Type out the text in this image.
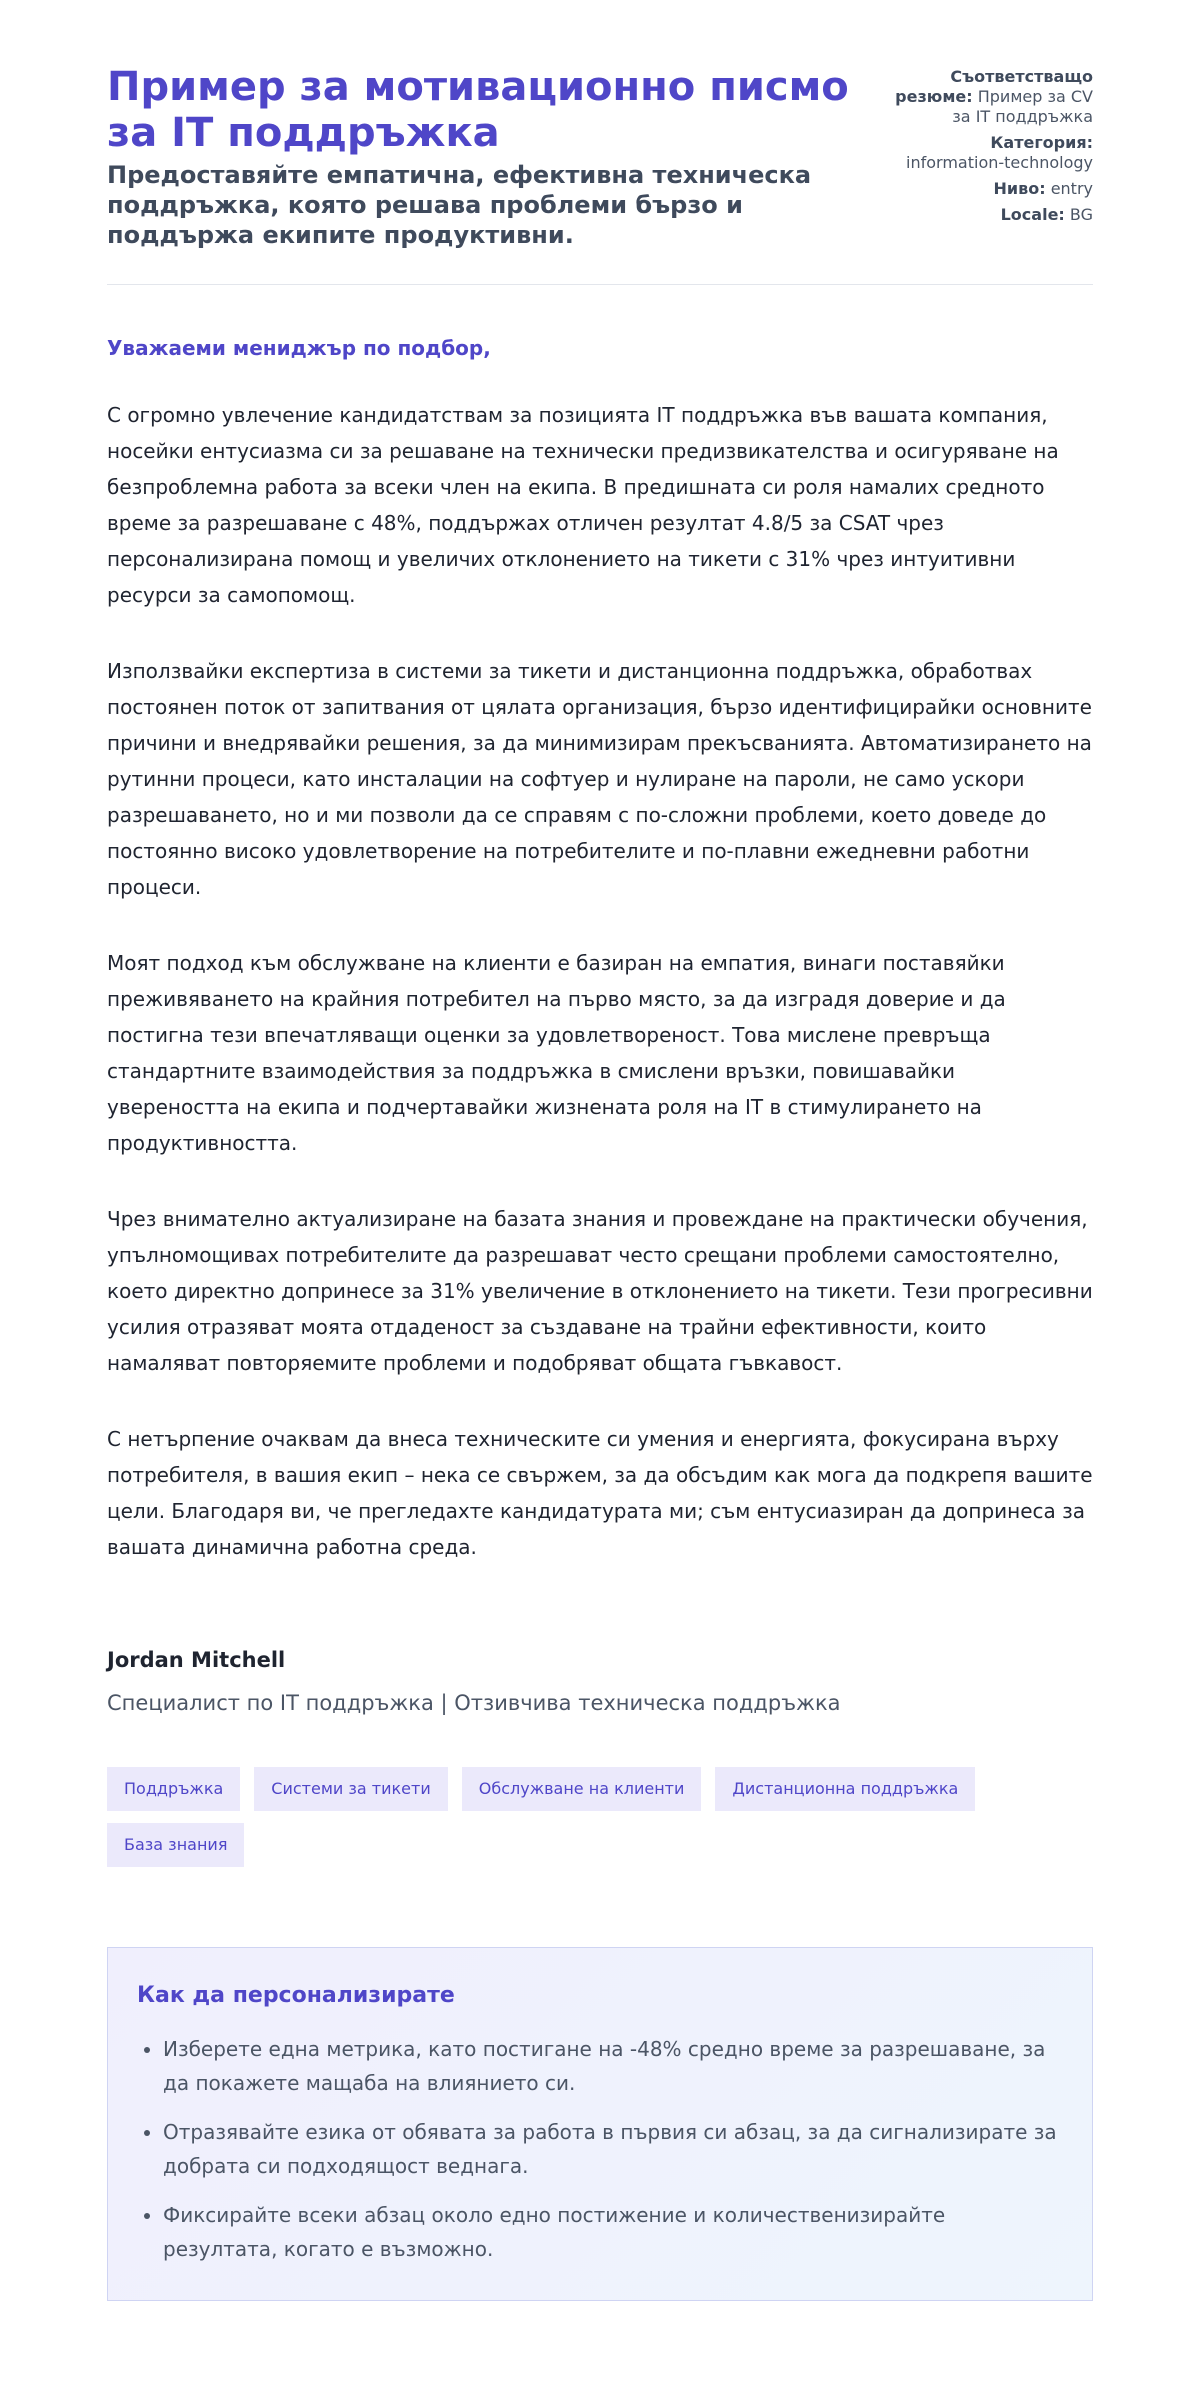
Пример за мотивационно писмо за IT поддръжка
Предоставяйте емпатична, ефективна техническа поддръжка, която решава проблеми бързо и поддържа екипите продуктивни.
Съответстващо резюме: Пример за CV за IT поддръжка
Категория:
information-technology
Ниво: entry
Locale: BG
Уважаеми мениджър по подбор,

С огромно увлечение кандидатствам за позицията IT поддръжка във вашата компания, носейки ентусиазма си за решаване на технически предизвикателства и осигуряване на безпроблемна работа за всеки член на екипа. В предишната си роля намалих средното време за разрешаване с 48%, поддържах отличен резултат 4.8/5 за CSAT чрез персонализирана помощ и увеличих отклонението на тикети с 31% чрез интуитивни ресурси за самопомощ.

Използвайки експертиза в системи за тикети и дистанционна поддръжка, обработвах постоянен поток от запитвания от цялата организация, бързо идентифицирайки основните причини и внедрявайки решения, за да минимизирам прекъсванията. Автоматизирането на рутинни процеси, като инсталации на софтуер и нулиране на пароли, не само ускори разрешаването, но и ми позволи да се справям с по-сложни проблеми, което доведе до постоянно високо удовлетворение на потребителите и по-плавни ежедневни работни процеси.

Моят подход към обслужване на клиенти е базиран на емпатия, винаги поставяйки преживяването на крайния потребител на първо място, за да изградя доверие и да постигна тези впечатляващи оценки за удовлетвореност. Това мислене превръща стандартните взаимодействия за поддръжка в смислени връзки, повишавайки увереността на екипа и подчертавайки жизнената роля на IT в стимулирането на продуктивността.

Чрез внимателно актуализиране на базата знания и провеждане на практически обучения, упълномощивах потребителите да разрешават често срещани проблеми самостоятелно, което директно допринесе за 31% увеличение в отклонението на тикети. Тези прогресивни усилия отразяват моята отдаденост за създаване на трайни ефективности, които намаляват повторяемите проблеми и подобряват общата гъвкавост.

С нетърпение очаквам да внеса техническите си умения и енергията, фокусирана върху потребителя, в вашия екип – нека се свържем, за да обсъдим как мога да подкрепя вашите цели. Благодаря ви, че прегледахте кандидатурата ми; съм ентусиазиран да допринеса за вашата динамична работна среда.

Jordan Mitchell
Специалист по IT поддръжка | Отзивчива техническа поддръжка
Поддръжка	Системи за тикети	Обслужване на клиенти	Дистанционна поддръжка
База знания
Как да персонализирате
• Изберете една метрика, като постигане на -48% средно време за разрешаване, за да покажете мащаба на влиянието си.
• Отразявайте езика от обявата за работа в първия си абзац, за да сигнализирате за добрата си подходящост веднага.
• Фиксирайте всеки абзац около едно постижение и количественизирайте резултата, когато е възможно.
